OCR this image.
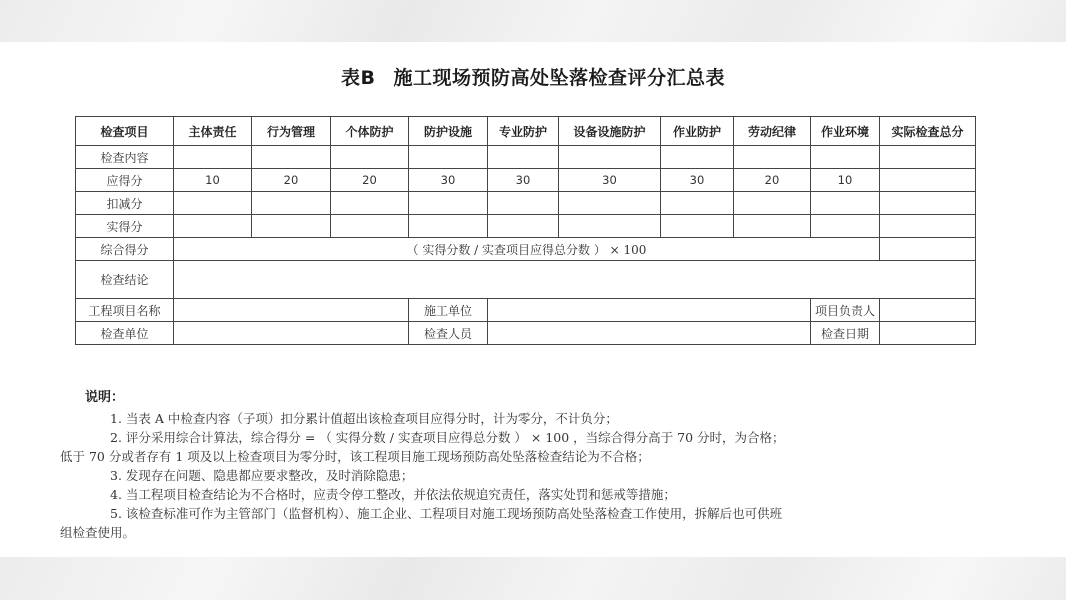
表B 施工现场预防高处坠落检查评分汇总表
检查项目	主体责任	行为管理	个体防护	防护设施	专业防护	设备设施防护	作业防护	劳动纪律	作业环境	实际检查总分
检查内容										
应得分	10	20	20	30	30	30	30	20	10	
扣减分										
实得分										
综合得分	（ 实得分数 / 实查项目应得总分数 ） × 100									
检查结论										
工程项目名称				施工单位					项目负责人	
检查单位				检查人员					检查日期	
说明：

1. 当表 A 中检查内容（子项）扣分累计值超出该检查项目应得分时，计为零分，不计负分；

2. 评分采用综合计算法，综合得分 = （ 实得分数 / 实查项目应得总分数 ） × 100 ，当综合得分高于 70 分时，为合格；
低于 70 分或者存有 1 项及以上检查项目为零分时，该工程项目施工现场预防高处坠落检查结论为不合格；

3. 发现存在问题、隐患都应要求整改，及时消除隐患；

4. 当工程项目检查结论为不合格时，应责令停工整改，并依法依规追究责任，落实处罚和惩戒等措施；

5. 该检查标准可作为主管部门（监督机构）、施工企业、工程项目对施工现场预防高处坠落检查工作使用，拆解后也可供班
组检查使用。
